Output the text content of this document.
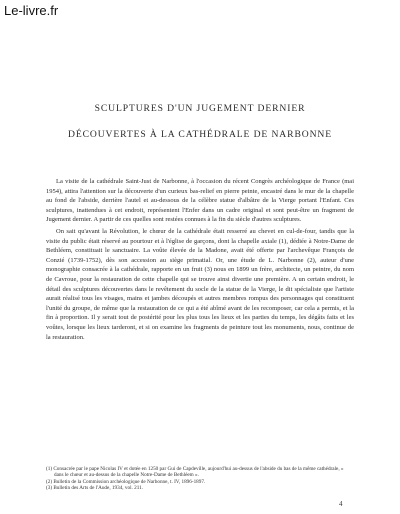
Le-livre.fr
SCULPTURES D'UN JUGEMENT DERNIER
DÉCOUVERTES À LA CATHÉDRALE DE NARBONNE

La visite de la cathédrale Saint-Just de Narbonne, à l'occasion du récent Congrès archéologique de France (mai 1954), attira l'attention sur la découverte d'un curieux bas-relief en pierre peinte, encastré dans le mur de la chapelle au fond de l'abside, derrière l'autel et au-dessous de la célèbre statue d'albâtre de la Vierge portant l'Enfant. Ces sculptures, inattendues à cet endroit, représentent l'Enfer dans un cadre original et sont peut-être un fragment de Jugement dernier. A partir de ces quelles sont restées connues à la fin du siècle d'autres sculptures.

On sait qu'avant la Révolution, le chœur de la cathédrale était resserré au chevet en cul-de-four, tandis que la visite du public était réservé au pourtour et à l'église de garçons, dont la chapelle axiale (1), dédiée à Notre-Dame de Bethléem, constituait le sanctuaire. La voûte élevée de la Madone, avait été offerte par l'archevêque François de Conzié (1739-1752), dès son accession au siège primatial. Or, une étude de L. Narbonne (2), auteur d'une monographie consacrée à la cathédrale, rapporte en un fruit (3) nous en 1899 un frère, architecte, un peintre, du nom de Cavroue, pour la restauration de cette chapelle qui se trouve ainsi divertie une première. A un certain endroit, le détail des sculptures découvertes dans le revêtement du socle de la statue de la Vierge, le dit spécialiste que l'artiste aurait réalisé tous les visages, mains et jambes découpés et autres membres rompus des personnages qui constituent l'unité du groupe, de même que la restauration de ce qui a été abîmé avant de les recomposer, car cela a permis, et la fin à proportion. Il y serait tout de postérité pour les plus tous les lieux et les parties du temps, les dégâts faits et les voûtes, lorsque les lieux tarderont, et si on examine les fragments de peinture tout les monuments, nous, continue de la restauration.

(1) Consacrée par le pape Nicolas IV et dotée en 1250 par Gui de Capdeville, aujourd'hui au-dessus de l'abside du bas de la même cathédrale, « dans le chœur et au-dessus de la chapelle Notre-Dame de Bethléem ».

(2) Bulletin de la Commission archéologique de Narbonne, t. IV, 1896-1897.

(3) Bulletin des Arts de l'Aude, 1934, vol. 211.

4
